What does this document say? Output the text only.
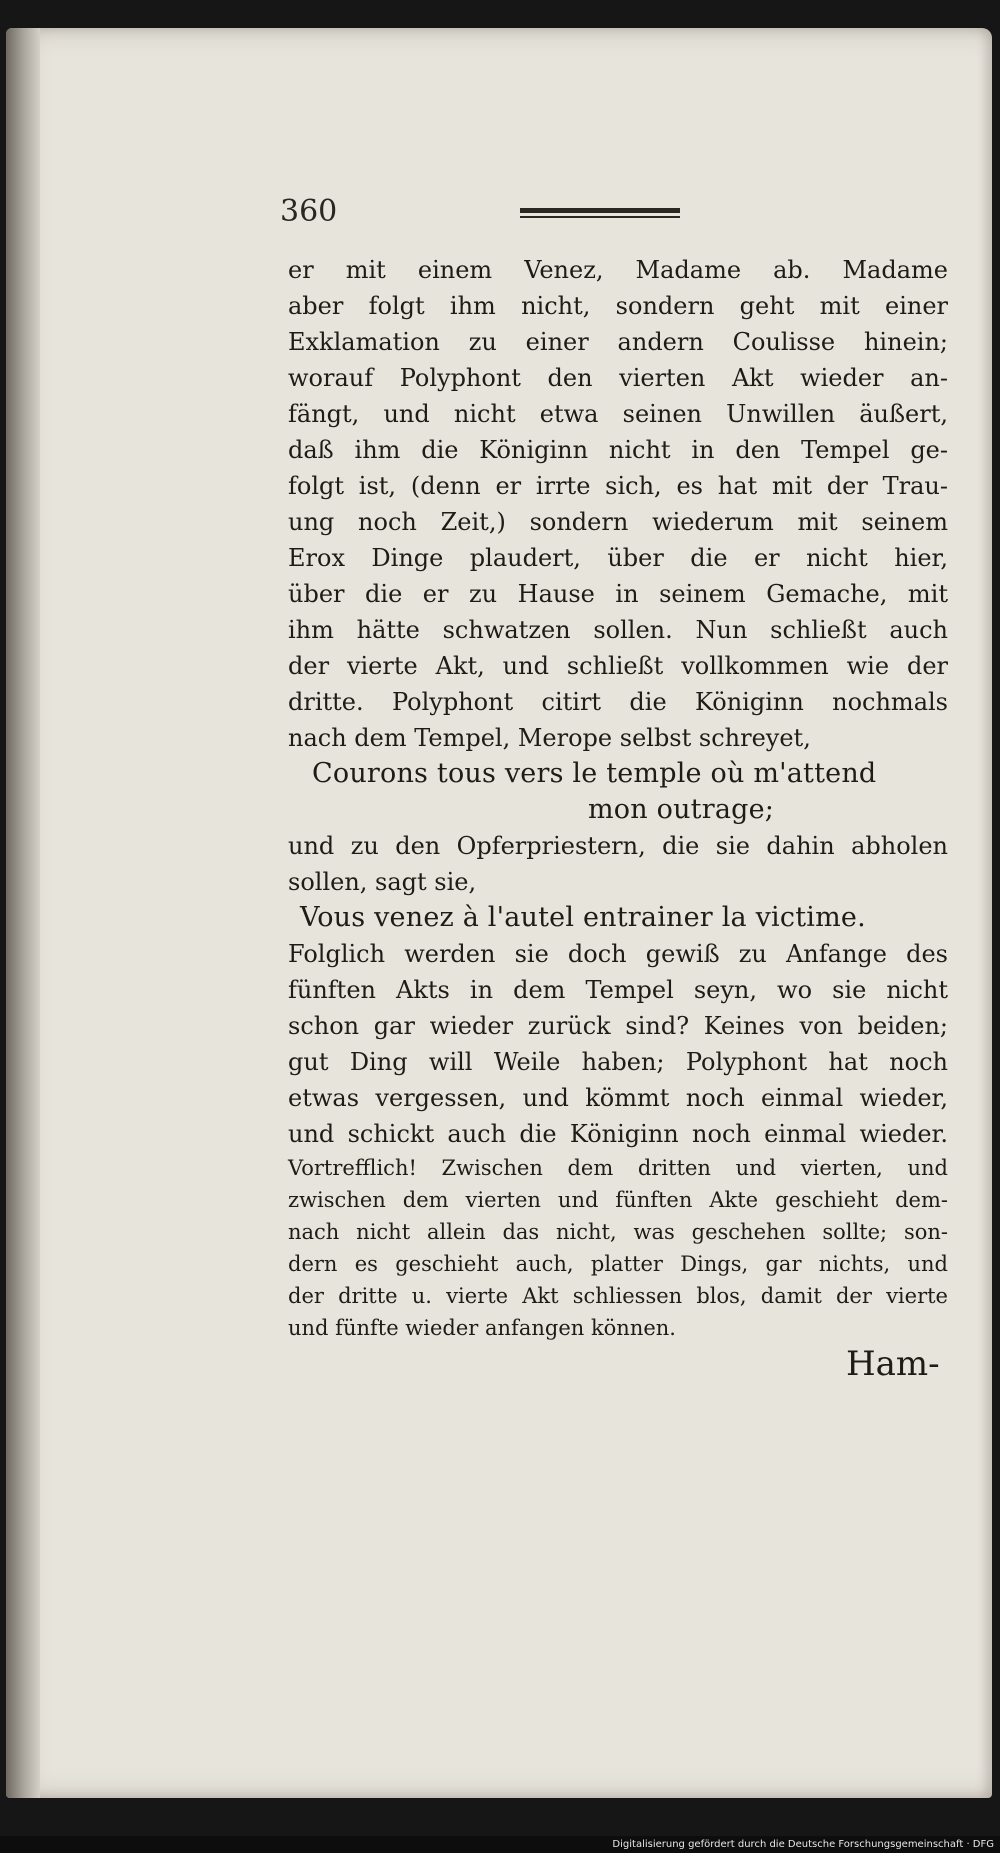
360
er mit einem Venez, Madame ab. Madame
aber folgt ihm nicht, sondern geht mit einer
Exklamation zu einer andern Coulisse hinein;
worauf Polyphont den vierten Akt wieder an-
fängt, und nicht etwa seinen Unwillen äußert,
daß ihm die Königinn nicht in den Tempel ge-
folgt ist, (denn er irrte sich, es hat mit der Trau-
ung noch Zeit,) sondern wiederum mit seinem
Erox Dinge plaudert, über die er nicht hier,
über die er zu Hause in seinem Gemache, mit
ihm hätte schwatzen sollen. Nun schließt auch
der vierte Akt, und schließt vollkommen wie der
dritte. Polyphont citirt die Königinn nochmals
nach dem Tempel, Merope selbst schreyet,
Courons tous vers le temple où m'attend
mon outrage;
und zu den Opferpriestern, die sie dahin abholen
sollen, sagt sie,
Vous venez à l'autel entrainer la victime.
Folglich werden sie doch gewiß zu Anfange des
fünften Akts in dem Tempel seyn, wo sie nicht
schon gar wieder zurück sind? Keines von beiden;
gut Ding will Weile haben; Polyphont hat noch
etwas vergessen, und kömmt noch einmal wieder,
und schickt auch die Königinn noch einmal wieder.
Vortrefflich! Zwischen dem dritten und vierten, und
zwischen dem vierten und fünften Akte geschieht dem-
nach nicht allein das nicht, was geschehen sollte; son-
dern es geschieht auch, platter Dings, gar nichts, und
der dritte u. vierte Akt schliessen blos, damit der vierte
und fünfte wieder anfangen können.
Ham-
Digitalisierung gefördert durch die Deutsche Forschungsgemeinschaft · DFG
